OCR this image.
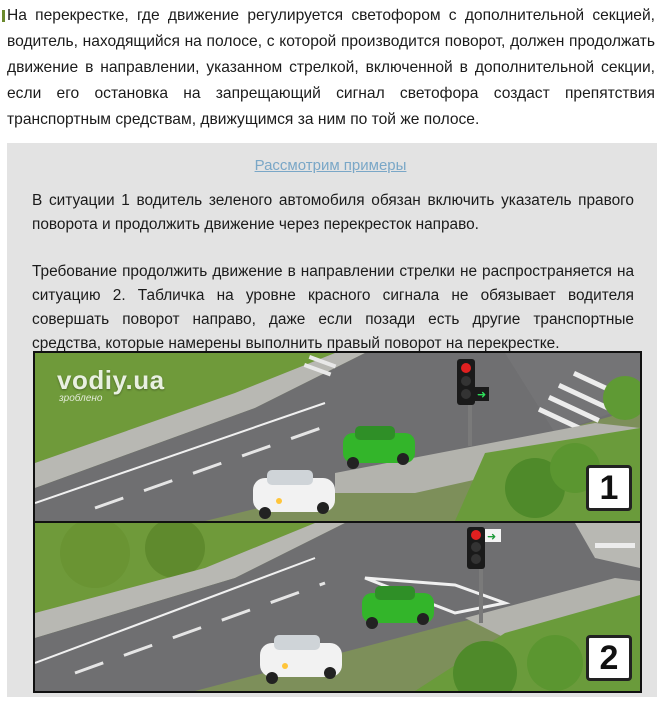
На перекрестке, где движение регулируется светофором с дополнительной секцией, водитель, находящийся на полосе, с которой производится поворот, должен продолжать движение в направлении, указанном стрелкой, включенной в дополнительной секции, если его остановка на запрещающий сигнал светофора создаст препятствия транспортным средствам, движущимся за ним по той же полосе.
Рассмотрим примеры
В ситуации 1 водитель зеленого автомобиля обязан включить указатель правого поворота и продолжить движение через перекресток направо.
Требование продолжить движение в направлении стрелки не распространяется на ситуацию 2. Табличка на уровне красного сигнала не обязывает водителя совершать поворот направо, даже если позади есть другие транспортные средства, которые намерены выполнить правый поворот на перекрестке.
➜
vodiy.ua
зроблено
1
➜
2
